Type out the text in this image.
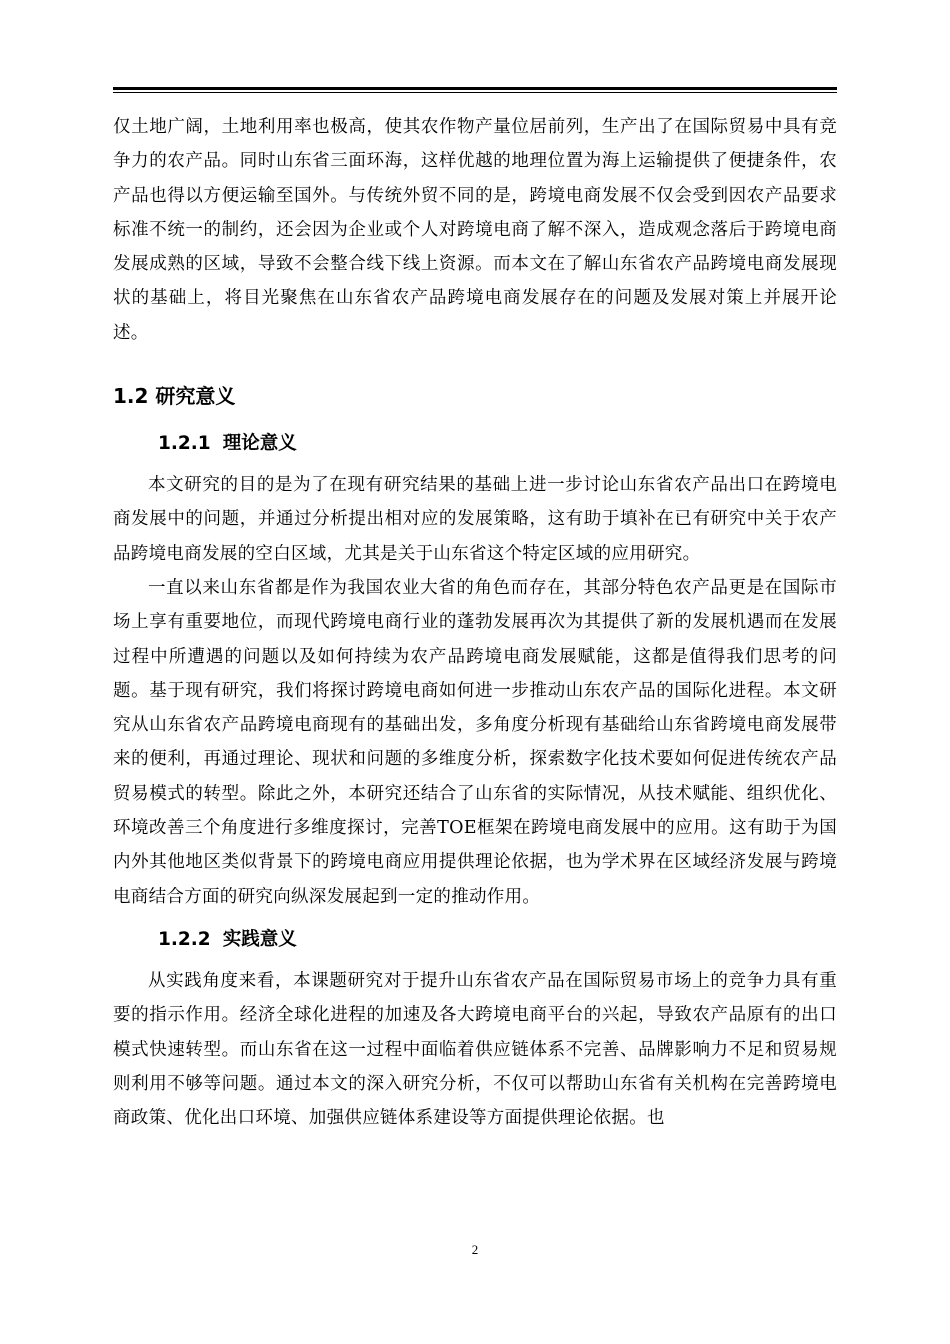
仅土地广阔，土地利用率也极高，使其农作物产量位居前列，生产出了在国际贸易中具有竞争力的农产品。同时山东省三面环海，这样优越的地理位置为海上运输提供了便捷条件，农产品也得以方便运输至国外。与传统外贸不同的是，跨境电商发展不仅会受到因农产品要求标准不统一的制约，还会因为企业或个人对跨境电商了解不深入，造成观念落后于跨境电商发展成熟的区域，导致不会整合线下线上资源。而本文在了解山东省农产品跨境电商发展现状的基础上，将目光聚焦在山东省农产品跨境电商发展存在的问题及发展对策上并展开论述。

1.2 研究意义
1.2.1 理论意义

本文研究的目的是为了在现有研究结果的基础上进一步讨论山东省农产品出口在跨境电商发展中的问题，并通过分析提出相对应的发展策略，这有助于填补在已有研究中关于农产品跨境电商发展的空白区域，尤其是关于山东省这个特定区域的应用研究。

一直以来山东省都是作为我国农业大省的角色而存在，其部分特色农产品更是在国际市场上享有重要地位，而现代跨境电商行业的蓬勃发展再次为其提供了新的发展机遇而在发展过程中所遭遇的问题以及如何持续为农产品跨境电商发展赋能，这都是值得我们思考的问题。基于现有研究，我们将探讨跨境电商如何进一步推动山东农产品的国际化进程。本文研究从山东省农产品跨境电商现有的基础出发，多角度分析现有基础给山东省跨境电商发展带来的便利，再通过理论、现状和问题的多维度分析，探索数字化技术要如何促进传统农产品贸易模式的转型。除此之外，本研究还结合了山东省的实际情况，从技术赋能、组织优化、环境改善三个角度进行多维度探讨，完善TOE框架在跨境电商发展中的应用。这有助于为国内外其他地区类似背景下的跨境电商应用提供理论依据，也为学术界在区域经济发展与跨境电商结合方面的研究向纵深发展起到一定的推动作用。

1.2.2 实践意义

从实践角度来看，本课题研究对于提升山东省农产品在国际贸易市场上的竞争力具有重要的指示作用。经济全球化进程的加速及各大跨境电商平台的兴起，导致农产品原有的出口模式快速转型。而山东省在这一过程中面临着供应链体系不完善、品牌影响力不足和贸易规则利用不够等问题。通过本文的深入研究分析，不仅可以帮助山东省有关机构在完善跨境电商政策、优化出口环境、加强供应链体系建设等方面提供理论依据。也

2
